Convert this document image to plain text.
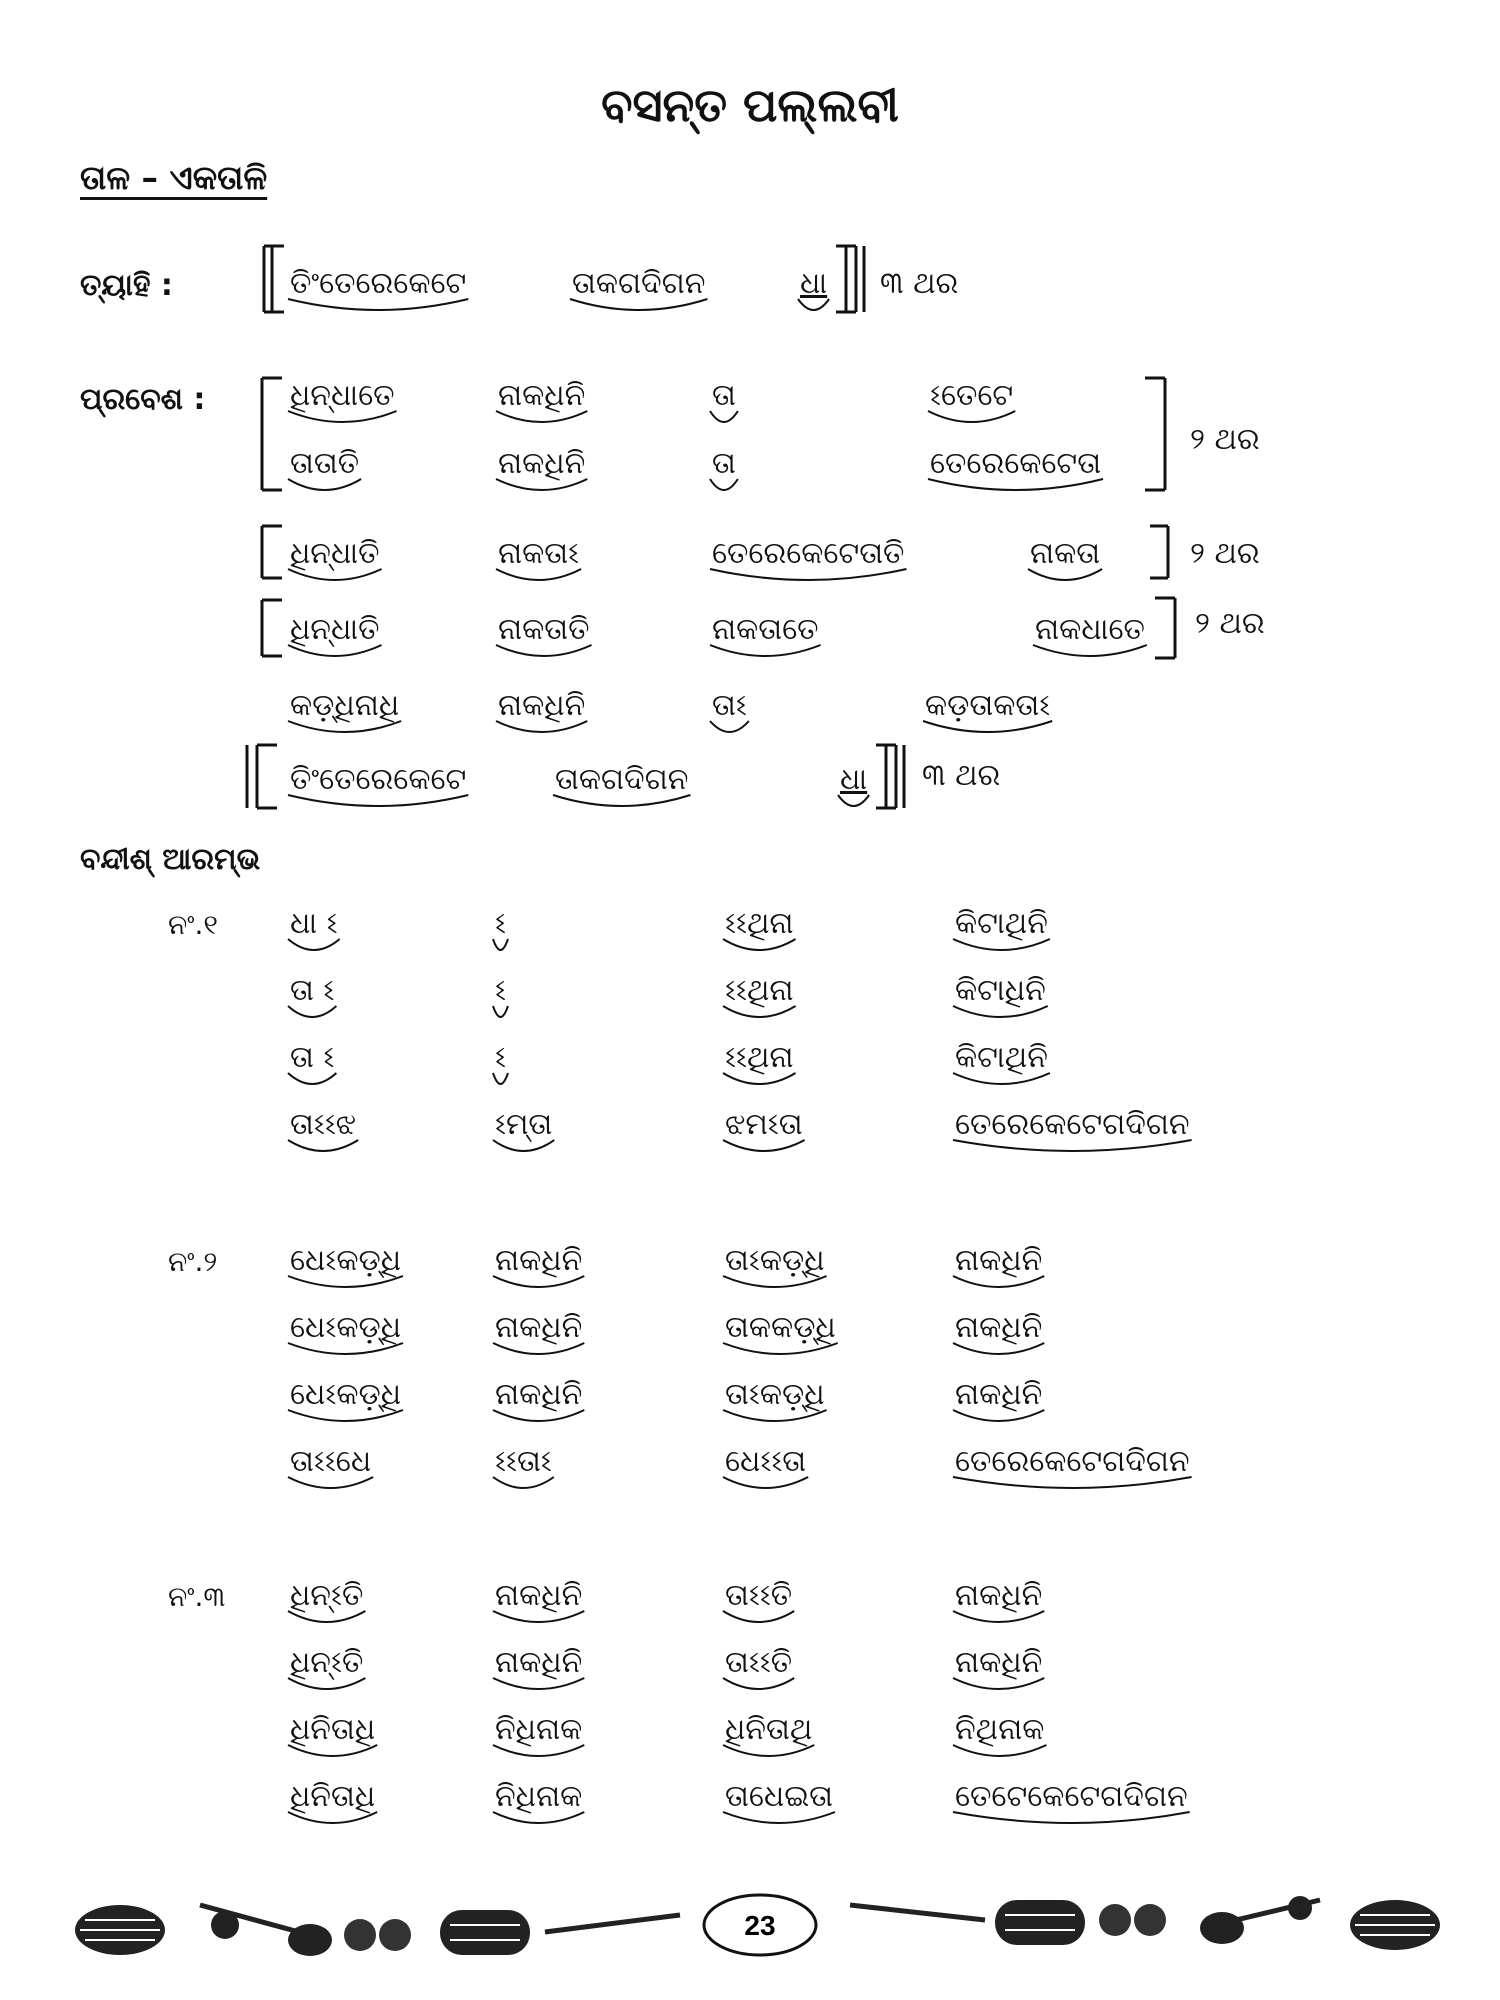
ବସନ୍ତ ପଲ୍ଲବୀ
ତାଳ – ଏକତାଳି
ତ୍ୟାହି :	ତିଂତେରେକେଟେ	ତାକଗଦିଗନ	ଧା ୩ ଥର
ପ୍ରବେଶ :	ଧିନ୍ଧାତେ	ନାକଧିନି	ତା	ଽତେଟେ
ତାତାତି	ନାକଧିନି	ତା	ତେରେକେଟେତା
୨ ଥର
ଧିନ୍ଧାତି	ନାକତାଽ	ତେରେକେଟେତାତି	ନାକତା	୨ ଥର
ଧିନ୍ଧାତି	ନାକତାତି	ନାକତାତେ	ନାକଧାତେ ୨ ଥର
କଡ଼୍ଧିନାଧି	ନାକଧିନି	ତାଽ	କଡ଼ତାକତାଽ
ତିଂତେରେକେଟେ	ତାକଗଦିଗନ	ଧା ୩ ଥର
ବନ୍ଦୀଶ୍ ଆରମ୍ଭ
ନଂ.୧ ଧା ଽ	ଽ	ଽଽଥିନା	କିଟାଥିନି
ତା ଽ	ଽ	ଽଽଥିନା	କିଟାଧିନି
ତା ଽ	ଽ	ଽଽଥିନା	କିଟାଥିନି
ତାଽଽଝ	ଽମ୍ତା	ଝମଽତା	ତେରେକେଟେଗଦିଗନ
ନଂ.୨ ଧେଽକଡ଼୍ଧି	ନାକଧିନି	ତାଽକଡ଼୍ଧି	ନାକଧିନି
ଧେଽକଡ଼୍ଧି	ନାକଧିନି	ତାକକଡ଼୍ଧି	ନାକଧିନି
ଧେଽକଡ଼୍ଧି	ନାକଧିନି	ତାଽକଡ଼୍ଧି	ନାକଧିନି
ତାଽଽଧେ	ଽଽତାଽ	ଧେଽଽତା	ତେରେକେଟେଗଦିଗନ
ନଂ.୩ ଧିନ୍ଽତି	ନାକଧିନି	ତାଽଽତି	ନାକଧିନି
ଧିନ୍ଽତି	ନାକଧିନି	ତାଽଽତି	ନାକଧିନି
ଧିନିତାଧି	ନିଧିନାକ	ଧିନିତାଥି	ନିଥିନାକ
ଧିନିତାଧି	ନିଧିନାକ	ତାଧେଇତା	ତେଟେକେଟେଗଦିଗନ
23
